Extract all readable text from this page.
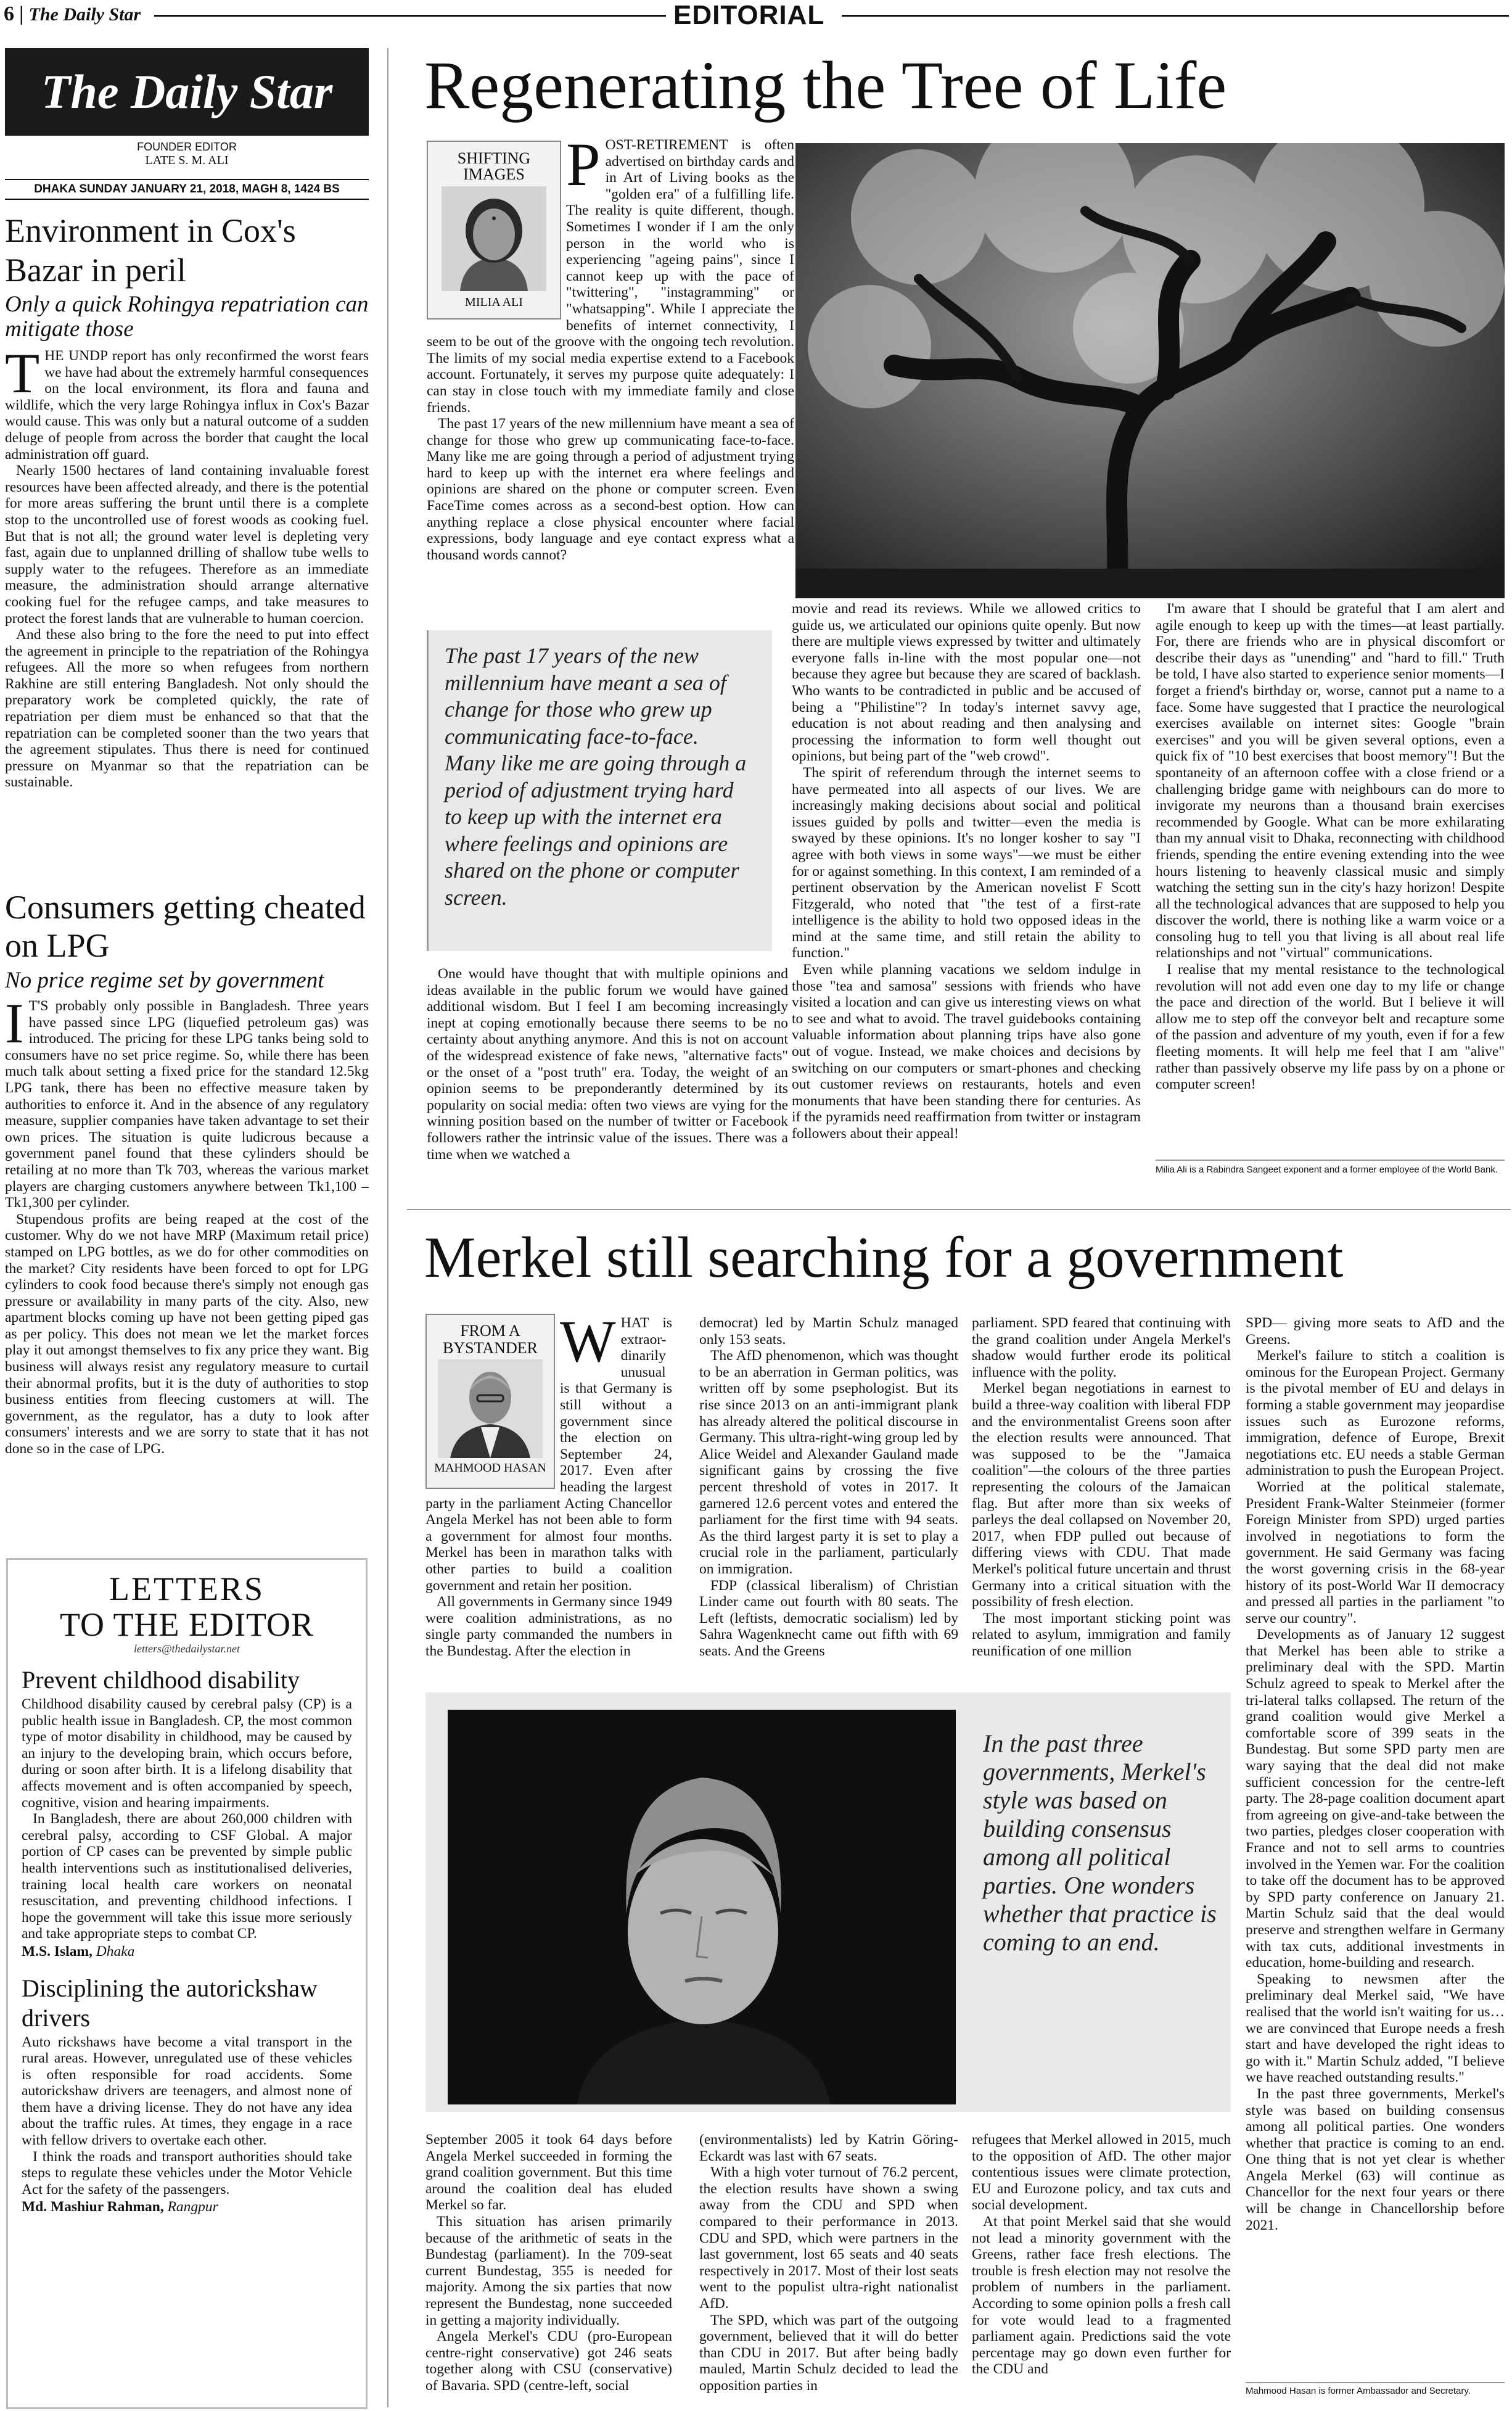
6 | The Daily Star	EDITORIAL
The Daily Star
FOUNDER EDITOR
LATE S. M. ALI
DHAKA SUNDAY JANUARY 21, 2018, MAGH 8, 1424 BS
Environment in Cox's Bazar in peril
Only a quick Rohingya repatriation can mitigate those
T HE UNDP report has only reconfirmed the worst fears we have had about the extremely harmful consequences on the local environment, its flora and fauna and wildlife, which the very large Rohingya influx in Cox's Bazar would cause. This was only but a natural outcome of a sudden deluge of people from across the border that caught the local administration off guard.

Nearly 1500 hectares of land containing invaluable forest resources have been affected already, and there is the potential for more areas suffering the brunt until there is a complete stop to the uncontrolled use of forest woods as cooking fuel. But that is not all; the ground water level is depleting very fast, again due to unplanned drilling of shallow tube wells to supply water to the refugees. Therefore as an immediate measure, the administration should arrange alternative cooking fuel for the refugee camps, and take measures to protect the forest lands that are vulnerable to human coercion.

And these also bring to the fore the need to put into effect the agreement in principle to the repatriation of the Rohingya refugees. All the more so when refugees from northern Rakhine are still entering Bangladesh. Not only should the preparatory work be completed quickly, the rate of repatriation per diem must be enhanced so that that the repatriation can be completed sooner than the two years that the agreement stipulates. Thus there is need for continued pressure on Myanmar so that the repatriation can be sustainable.

Consumers getting cheated on LPG
No price regime set by government
I T'S probably only possible in Bangladesh. Three years have passed since LPG (liquefied petroleum gas) was introduced. The pricing for these LPG tanks being sold to consumers have no set price regime. So, while there has been much talk about setting a fixed price for the standard 12.5kg LPG tank, there has been no effective measure taken by authorities to enforce it. And in the absence of any regulatory measure, supplier companies have taken advantage to set their own prices. The situation is quite ludicrous because a government panel found that these cylinders should be retailing at no more than Tk 703, whereas the various market players are charging customers anywhere between Tk1,100 – Tk1,300 per cylinder.

Stupendous profits are being reaped at the cost of the customer. Why do we not have MRP (Maximum retail price) stamped on LPG bottles, as we do for other commodities on the market? City residents have been forced to opt for LPG cylinders to cook food because there's simply not enough gas pressure or availability in many parts of the city. Also, new apartment blocks coming up have not been getting piped gas as per policy. This does not mean we let the market forces play it out amongst themselves to fix any price they want. Big business will always resist any regulatory measure to curtail their abnormal profits, but it is the duty of authorities to stop business entities from fleecing customers at will. The government, as the regulator, has a duty to look after consumers' interests and we are sorry to state that it has not done so in the case of LPG.

LETTERS
TO THE EDITOR
letters@thedailystar.net
Prevent childhood disability

Childhood disability caused by cerebral palsy (CP) is a public health issue in Bangladesh. CP, the most common type of motor disability in childhood, may be caused by an injury to the developing brain, which occurs before, during or soon after birth. It is a lifelong disability that affects movement and is often accompanied by speech, cognitive, vision and hearing impairments.

In Bangladesh, there are about 260,000 children with cerebral palsy, according to CSF Global. A major portion of CP cases can be prevented by simple public health interventions such as institutionalised deliveries, training local health care workers on neonatal resuscitation, and preventing childhood infections. I hope the government will take this issue more seriously and take appropriate steps to combat CP.

M.S. Islam, Dhaka

Disciplining the autorickshaw drivers

Auto rickshaws have become a vital transport in the rural areas. However, unregulated use of these vehicles is often responsible for road accidents. Some autorickshaw drivers are teenagers, and almost none of them have a driving license. They do not have any idea about the traffic rules. At times, they engage in a race with fellow drivers to overtake each other.

I think the roads and transport authorities should take steps to regulate these vehicles under the Motor Vehicle Act for the safety of the passengers.

Md. Mashiur Rahman, Rangpur

Regenerating the Tree of Life
SHIFTING
IMAGES
MILIA ALI
P OST-RETIREMENT is often advertised on birthday cards and in Art of Living books as the "golden era" of a fulfilling life. The reality is quite different, though. Sometimes I wonder if I am the only person in the world who is experiencing "ageing pains", since I cannot keep up with the pace of "twittering", "instagramming" or "whatsapping". While I appreciate the benefits of internet connectivity, I seem to be out of the groove with the ongoing tech revolution. The limits of my social media expertise extend to a Facebook account. Fortunately, it serves my purpose quite adequately: I can stay in close touch with my immediate family and close friends.

The past 17 years of the new millennium have meant a sea of change for those who grew up communicating face-to-face. Many like me are going through a period of adjustment trying hard to keep up with the internet era where feelings and opinions are shared on the phone or computer screen. Even FaceTime comes across as a second-best option. How can anything replace a close physical encounter where facial expressions, body language and eye contact express what a thousand words cannot?

The past 17 years of the new millennium have meant a sea of change for those who grew up communicating face-to-face. Many like me are going through a period of adjustment trying hard to keep up with the internet era where feelings and opinions are shared on the phone or computer screen.

One would have thought that with multiple opinions and ideas available in the public forum we would have gained additional wisdom. But I feel I am becoming increasingly inept at coping emotionally because there seems to be no certainty about anything anymore. And this is not on account of the widespread existence of fake news, "alternative facts" or the onset of a "post truth" era. Today, the weight of an opinion seems to be preponderantly determined by its popularity on social media: often two views are vying for the winning position based on the number of twitter or Facebook followers rather the intrinsic value of the issues. There was a time when we watched a

movie and read its reviews. While we allowed critics to guide us, we articulated our opinions quite openly. But now there are multiple views expressed by twitter and ultimately everyone falls in-line with the most popular one—not because they agree but because they are scared of backlash. Who wants to be contradicted in public and be accused of being a "Philistine"? In today's internet savvy age, education is not about reading and then analysing and processing the information to form well thought out opinions, but being part of the "web crowd".

The spirit of referendum through the internet seems to have permeated into all aspects of our lives. We are increasingly making decisions about social and political issues guided by polls and twitter—even the media is swayed by these opinions. It's no longer kosher to say "I agree with both views in some ways"—we must be either for or against something. In this context, I am reminded of a pertinent observation by the American novelist F Scott Fitzgerald, who noted that "the test of a first-rate intelligence is the ability to hold two opposed ideas in the mind at the same time, and still retain the ability to function."

Even while planning vacations we seldom indulge in those "tea and samosa" sessions with friends who have visited a location and can give us interesting views on what to see and what to avoid. The travel guidebooks containing valuable information about planning trips have also gone out of vogue. Instead, we make choices and decisions by switching on our computers or smart-phones and checking out customer reviews on restaurants, hotels and even monuments that have been standing there for centuries. As if the pyramids need reaffirmation from twitter or instagram followers about their appeal!

I'm aware that I should be grateful that I am alert and agile enough to keep up with the times—at least partially. For, there are friends who are in physical discomfort or describe their days as "unending" and "hard to fill." Truth be told, I have also started to experience senior moments—I forget a friend's birthday or, worse, cannot put a name to a face. Some have suggested that I practice the neurological exercises available on internet sites: Google "brain exercises" and you will be given several options, even a quick fix of "10 best exercises that boost memory"! But the spontaneity of an afternoon coffee with a close friend or a challenging bridge game with neighbours can do more to invigorate my neurons than a thousand brain exercises recommended by Google. What can be more exhilarating than my annual visit to Dhaka, reconnecting with childhood friends, spending the entire evening extending into the wee hours listening to heavenly classical music and simply watching the setting sun in the city's hazy horizon! Despite all the technological advances that are supposed to help you discover the world, there is nothing like a warm voice or a consoling hug to tell you that living is all about real life relationships and not "virtual" communications.

I realise that my mental resistance to the technological revolution will not add even one day to my life or change the pace and direction of the world. But I believe it will allow me to step off the conveyor belt and recapture some of the passion and adventure of my youth, even if for a few fleeting moments. It will help me feel that I am "alive" rather than passively observe my life pass by on a phone or computer screen!

Milia Ali is a Rabindra Sangeet exponent and a former employee of the World Bank.
Merkel still searching for a government
FROM A
BYSTANDER
MAHMOOD HASAN
W HAT is extraor-dinarily unusual is that Germany is still without a government since the election on September 24, 2017. Even after heading the largest party in the parliament Acting Chancellor Angela Merkel has not been able to form a government for almost four months. Merkel has been in marathon talks with other parties to build a coalition government and retain her position.

All governments in Germany since 1949 were coalition administrations, as no single party commanded the numbers in the Bundestag. After the election in

democrat) led by Martin Schulz managed only 153 seats.

The AfD phenomenon, which was thought to be an aberration in German politics, was written off by some psephologist. But its rise since 2013 on an anti-immigrant plank has already altered the political discourse in Germany. This ultra-right-wing group led by Alice Weidel and Alexander Gauland made significant gains by crossing the five percent threshold of votes in 2017. It garnered 12.6 percent votes and entered the parliament for the first time with 94 seats. As the third largest party it is set to play a crucial role in the parliament, particularly on immigration.

FDP (classical liberalism) of Christian Linder came out fourth with 80 seats. The Left (leftists, democratic socialism) led by Sahra Wagenknecht came out fifth with 69 seats. And the Greens

parliament. SPD feared that continuing with the grand coalition under Angela Merkel's shadow would further erode its political influence with the polity.

Merkel began negotiations in earnest to build a three-way coalition with liberal FDP and the environmentalist Greens soon after the election results were announced. That was supposed to be the "Jamaica coalition"—the colours of the three parties representing the colours of the Jamaican flag. But after more than six weeks of parleys the deal collapsed on November 20, 2017, when FDP pulled out because of differing views with CDU. That made Merkel's political future uncertain and thrust Germany into a critical situation with the possibility of fresh election.

The most important sticking point was related to asylum, immigration and family reunification of one million

SPD— giving more seats to AfD and the Greens.

Merkel's failure to stitch a coalition is ominous for the European Project. Germany is the pivotal member of EU and delays in forming a stable government may jeopardise issues such as Eurozone reforms, immigration, defence of Europe, Brexit negotiations etc. EU needs a stable German administration to push the European Project.

Worried at the political stalemate, President Frank-Walter Steinmeier (former Foreign Minister from SPD) urged parties involved in negotiations to form the government. He said Germany was facing the worst governing crisis in the 68-year history of its post-World War II democracy and pressed all parties in the parliament "to serve our country".

Developments as of January 12 suggest that Merkel has been able to strike a preliminary deal with the SPD. Martin Schulz agreed to speak to Merkel after the tri-lateral talks collapsed. The return of the grand coalition would give Merkel a comfortable score of 399 seats in the Bundestag. But some SPD party men are wary saying that the deal did not make sufficient concession for the centre-left party. The 28-page coalition document apart from agreeing on give-and-take between the two parties, pledges closer cooperation with France and not to sell arms to countries involved in the Yemen war. For the coalition to take off the document has to be approved by SPD party conference on January 21. Martin Schulz said that the deal would preserve and strengthen welfare in Germany with tax cuts, additional investments in education, home-building and research.

Speaking to newsmen after the preliminary deal Merkel said, "We have realised that the world isn't waiting for us…we are convinced that Europe needs a fresh start and have developed the right ideas to go with it." Martin Schulz added, "I believe we have reached outstanding results."

In the past three governments, Merkel's style was based on building consensus among all political parties. One wonders whether that practice is coming to an end. One thing that is not yet clear is whether Angela Merkel (63) will continue as Chancellor for the next four years or there will be change in Chancellorship before 2021.

Mahmood Hasan is former Ambassador and Secretary.
In the past three governments, Merkel's style was based on building consensus among all political parties. One wonders whether that practice is coming to an end.

September 2005 it took 64 days before Angela Merkel succeeded in forming the grand coalition government. But this time around the coalition deal has eluded Merkel so far.

This situation has arisen primarily because of the arithmetic of seats in the Bundestag (parliament). In the 709-seat current Bundestag, 355 is needed for majority. Among the six parties that now represent the Bundestag, none succeeded in getting a majority individually.

Angela Merkel's CDU (pro-European centre-right conservative) got 246 seats together along with CSU (conservative) of Bavaria. SPD (centre-left, social

(environmentalists) led by Katrin Göring-Eckardt was last with 67 seats.

With a high voter turnout of 76.2 percent, the election results have shown a swing away from the CDU and SPD when compared to their performance in 2013. CDU and SPD, which were partners in the last government, lost 65 seats and 40 seats respectively in 2017. Most of their lost seats went to the populist ultra-right nationalist AfD.

The SPD, which was part of the outgoing government, believed that it will do better than CDU in 2017. But after being badly mauled, Martin Schulz decided to lead the opposition parties in

refugees that Merkel allowed in 2015, much to the opposition of AfD. The other major contentious issues were climate protection, EU and Eurozone policy, and tax cuts and social development.

At that point Merkel said that she would not lead a minority government with the Greens, rather face fresh elections. The trouble is fresh election may not resolve the problem of numbers in the parliament. According to some opinion polls a fresh call for vote would lead to a fragmented parliament again. Predictions said the vote percentage may go down even further for the CDU and
